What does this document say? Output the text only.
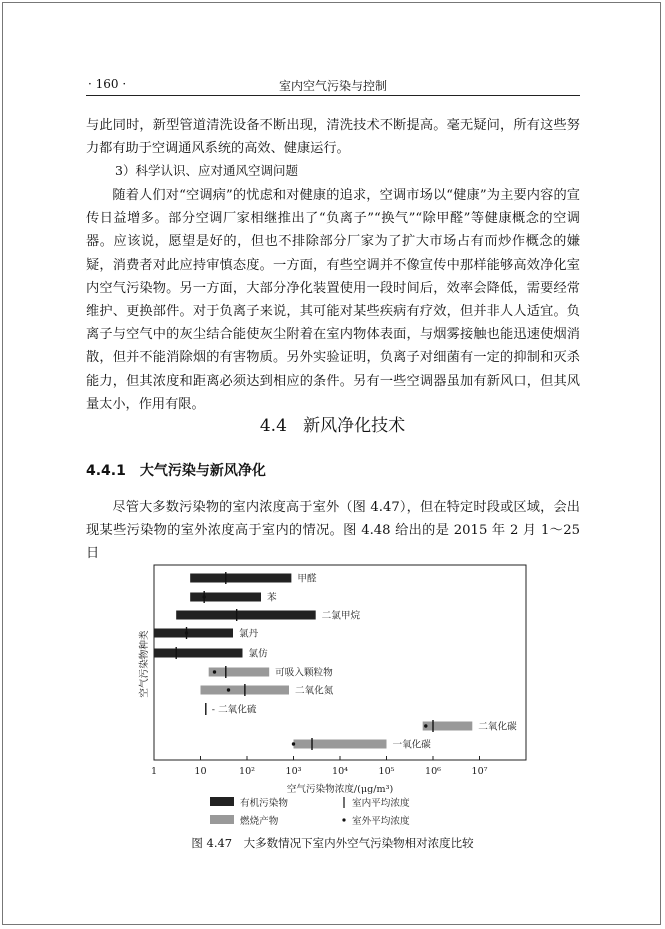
· 160 ·	室内空气污染与控制

与此同时，新型管道清洗设备不断出现，清洗技术不断提高。毫无疑问，所有这些努力都有助于空调通风系统的高效、健康运行。

3）科学认识、应对通风空调问题

随着人们对“空调病”的忧虑和对健康的追求，空调市场以“健康”为主要内容的宣传日益增多。部分空调厂家相继推出了“负离子”“换气”“除甲醛”等健康概念的空调器。应该说，愿望是好的，但也不排除部分厂家为了扩大市场占有而炒作概念的嫌疑，消费者对此应持审慎态度。一方面，有些空调并不像宣传中那样能够高效净化室内空气污染物。另一方面，大部分净化装置使用一段时间后，效率会降低，需要经常维护、更换部件。对于负离子来说，其可能对某些疾病有疗效，但并非人人适宜。负离子与空气中的灰尘结合能使灰尘附着在室内物体表面，与烟雾接触也能迅速使烟消散，但并不能消除烟的有害物质。另外实验证明，负离子对细菌有一定的抑制和灭杀能力，但其浓度和距离必须达到相应的条件。另有一些空调器虽加有新风口，但其风量太小，作用有限。

4.4 新风净化技术
4.4.1 大气污染与新风净化

尽管大多数污染物的室内浓度高于室外（图 4.47），但在特定时段或区域，会出现某些污染物的室外浓度高于室内的情况。图 4.48 给出的是 2015 年 2 月 1～25 日

1	10	10²	10³	10⁴	10⁵	10⁶	10⁷
甲醛
苯
二氯甲烷
氯丹
氯仿
可吸入颗粒物
二氧化氮
- 二氧化硫
二氧化碳
一氧化碳
空气污染物浓度/(μg/m³)
空气污染物种类
有机污染物
燃烧产物
室内平均浓度
室外平均浓度
图 4.47　大多数情况下室内外空气污染物相对浓度比较
